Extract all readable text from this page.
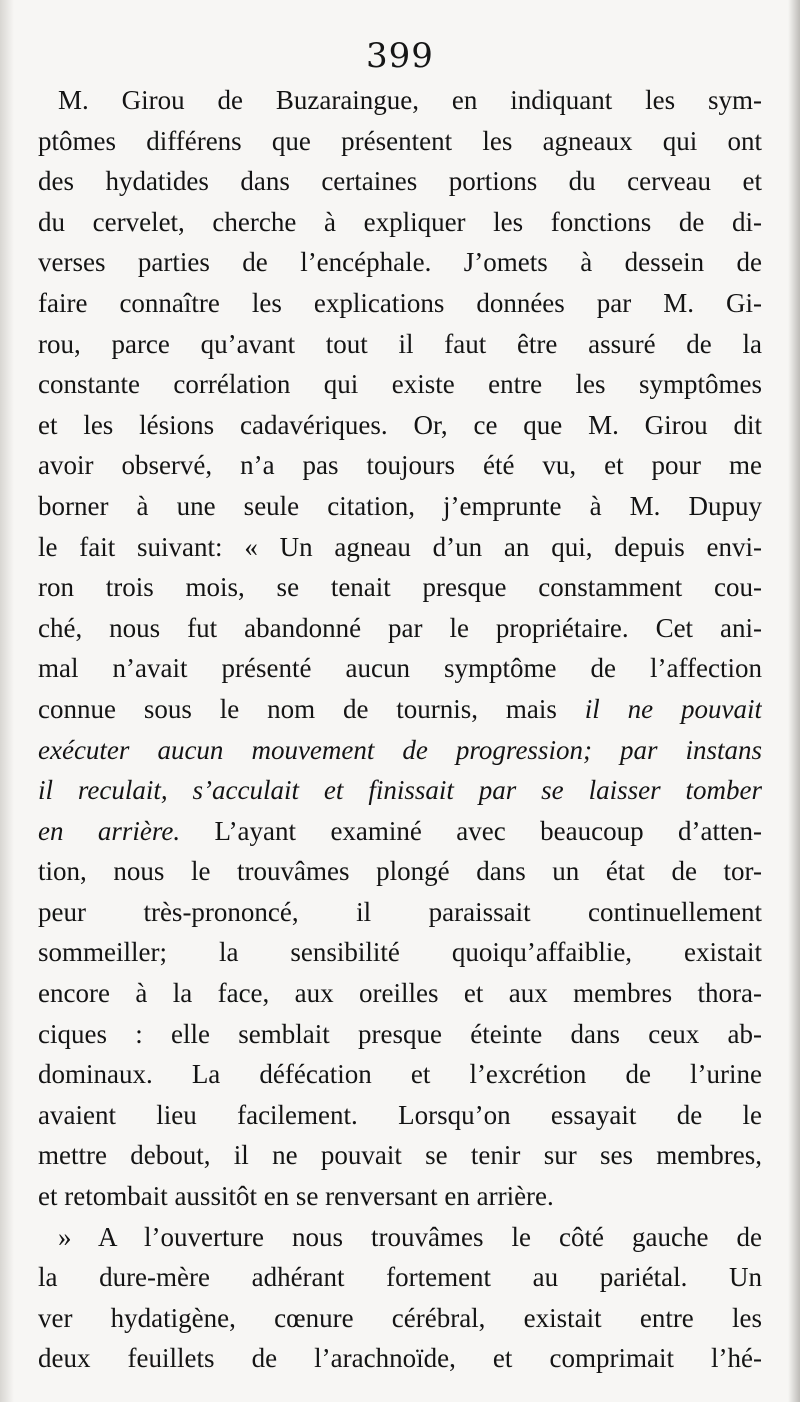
399
M. Girou de Buzaraingue, en indiquant les sym-
ptômes différens que présentent les agneaux qui ont
des hydatides dans certaines portions du cerveau et
du cervelet, cherche à expliquer les fonctions de di-
verses parties de l’encéphale. J’omets à dessein de
faire connaître les explications données par M. Gi-
rou, parce qu’avant tout il faut être assuré de la
constante corrélation qui existe entre les symptômes
et les lésions cadavériques. Or, ce que M. Girou dit
avoir observé, n’a pas toujours été vu, et pour me
borner à une seule citation, j’emprunte à M. Dupuy
le fait suivant: « Un agneau d’un an qui, depuis envi-
ron trois mois, se tenait presque constamment cou-
ché, nous fut abandonné par le propriétaire. Cet ani-
mal n’avait présenté aucun symptôme de l’affection
connue sous le nom de tournis, mais il ne pouvait
exécuter aucun mouvement de progression; par instans
il reculait, s’acculait et finissait par se laisser tomber
en arrière. L’ayant examiné avec beaucoup d’atten-
tion, nous le trouvâmes plongé dans un état de tor-
peur très-prononcé, il paraissait continuellement
sommeiller; la sensibilité quoiqu’affaiblie, existait
encore à la face, aux oreilles et aux membres thora-
ciques : elle semblait presque éteinte dans ceux ab-
dominaux. La défécation et l’excrétion de l’urine
avaient lieu facilement. Lorsqu’on essayait de le
mettre debout, il ne pouvait se tenir sur ses membres,
et retombait aussitôt en se renversant en arrière.
» A l’ouverture nous trouvâmes le côté gauche de
la dure-mère adhérant fortement au pariétal. Un
ver hydatigène, cœnure cérébral, existait entre les
deux feuillets de l’arachnoïde, et comprimait l’hé-
